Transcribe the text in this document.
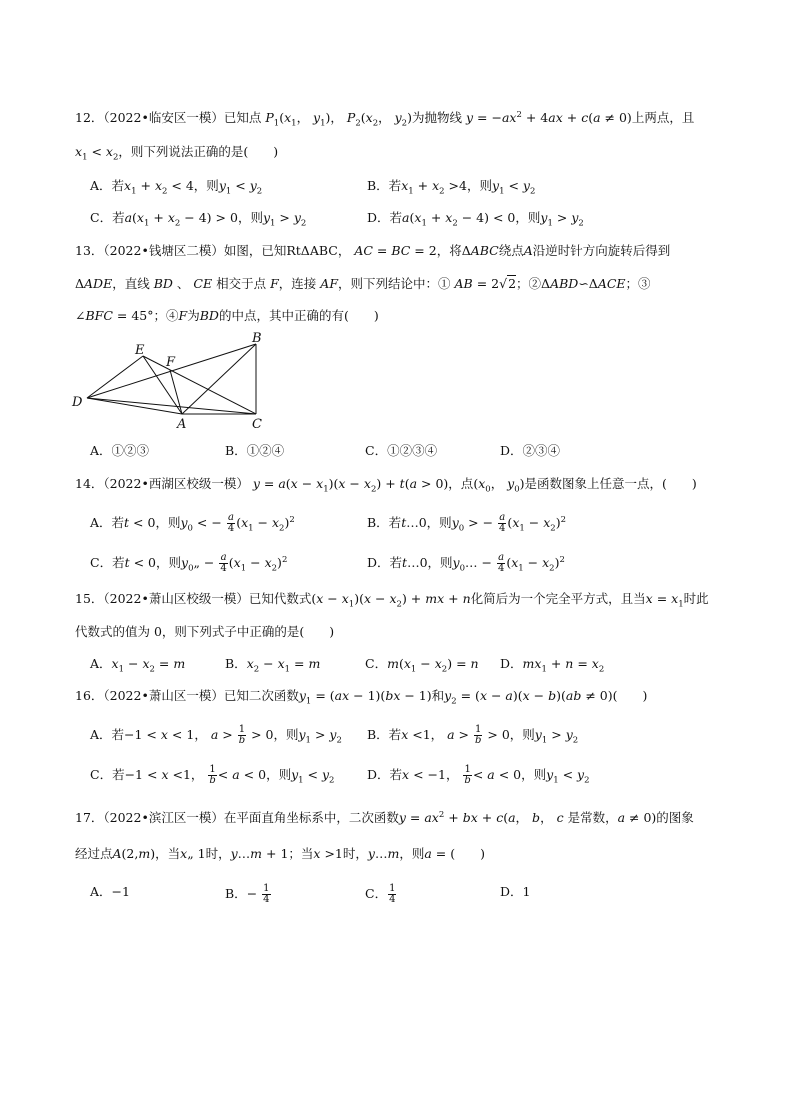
12．（2022•临安区一模）已知点 $P_1(x_1$， $y_1$)， $P_2(x_2$， $y_2$)为抛物线 $y = -ax^2 + 4ax + c(a \ne 0)$上两点，且
$x_1 < x_2$，则下列说法正确的是(　　)
A．若$x_1 + x_2 < 4$，则$y_1 < y_2$	B．若$x_1 + x_2 >4$，则$y_1 < y_2$
C．若$a(x_1 + x_2 - 4) > 0$，则$y_1 > y_2$	D．若$a(x_1 + x_2 - 4) < 0$，则$y_1 > y_2$
13．（2022•钱塘区二模）如图，已知RtΔABC， AC = BC = 2，将ΔABC绕点A沿逆时针方向旋转后得到
ΔADE，直线 BD 、 CE 相交于点 F，连接 AF，则下列结论中：① AB = 2√2；②ΔABD∽ΔACE；③
∠BFC = 45°；④F为BD的中点，其中正确的有(　　)
E
F
B
D
A	C
A．①②③	B．①②④	C．①②③④	D．②③④
14．（2022•西湖区校级一模） $y = a(x - x_1)(x - x_2) + t(a > 0)$，点($x_0$， $y_0$)是函数图象上任意一点，(　　)
A．若t < 0，则$y_0$ < − $\frac{a}{4} (x_1 - x_2)^2$	B．若t…0，则$y_0$ > − $\frac{a}{4} (x_1 - x_2)^2$
C．若t < 0，则$y_0„ - \frac{a}{4} (x_1 - x_2)^2$	D．若t…0，则$y_0\dots - \frac{a}{4} (x_1 - x_2)^2$
15．（2022•萧山区校级一模）已知代数式$(x - x_1)(x - x_2)$ + mx + n化简后为一个完全平方式，且当$x = x_1$时此
代数式的值为 0，则下列式子中正确的是(　　)
A．$x_1 - x_2 = m$	B．$x_2 - x_1 = m$	C．$m(x_1 - x_2) = n$ D．$mx_1 + n = x_2$
16．（2022•萧山区一模）已知二次函数$y_1 = (ax - 1)(bx - 1)$和$y_2 = (x - a)(x - b)(ab \ne 0)$(　　)
A．若−1 < x < 1， $a > \frac{1}{b} > 0$，则$y_1 > y_2$ B．若x <1， $a > \frac{1}{b} > 0$，则$y_1 > y_2$
C．若−1 < x <1， $\frac{1}{b} < a < 0$，则$y_1 < y_2$	D．若x < −1， $\frac{1}{b} < a < 0$，则$y_1 < y_2$
17．（2022•滨江区一模）在平面直角坐标系中，二次函数$y = ax^2$ + bx + c(a， b， c 是常数，a ≠ 0)的图象
经过点A(2,m)，当x„ 1时，y…m + 1；当x >1时，y…m，则a = (　　)
A．−1	B．− $\frac{1}{4}$	C． $\frac{1}{4}$	D．1
